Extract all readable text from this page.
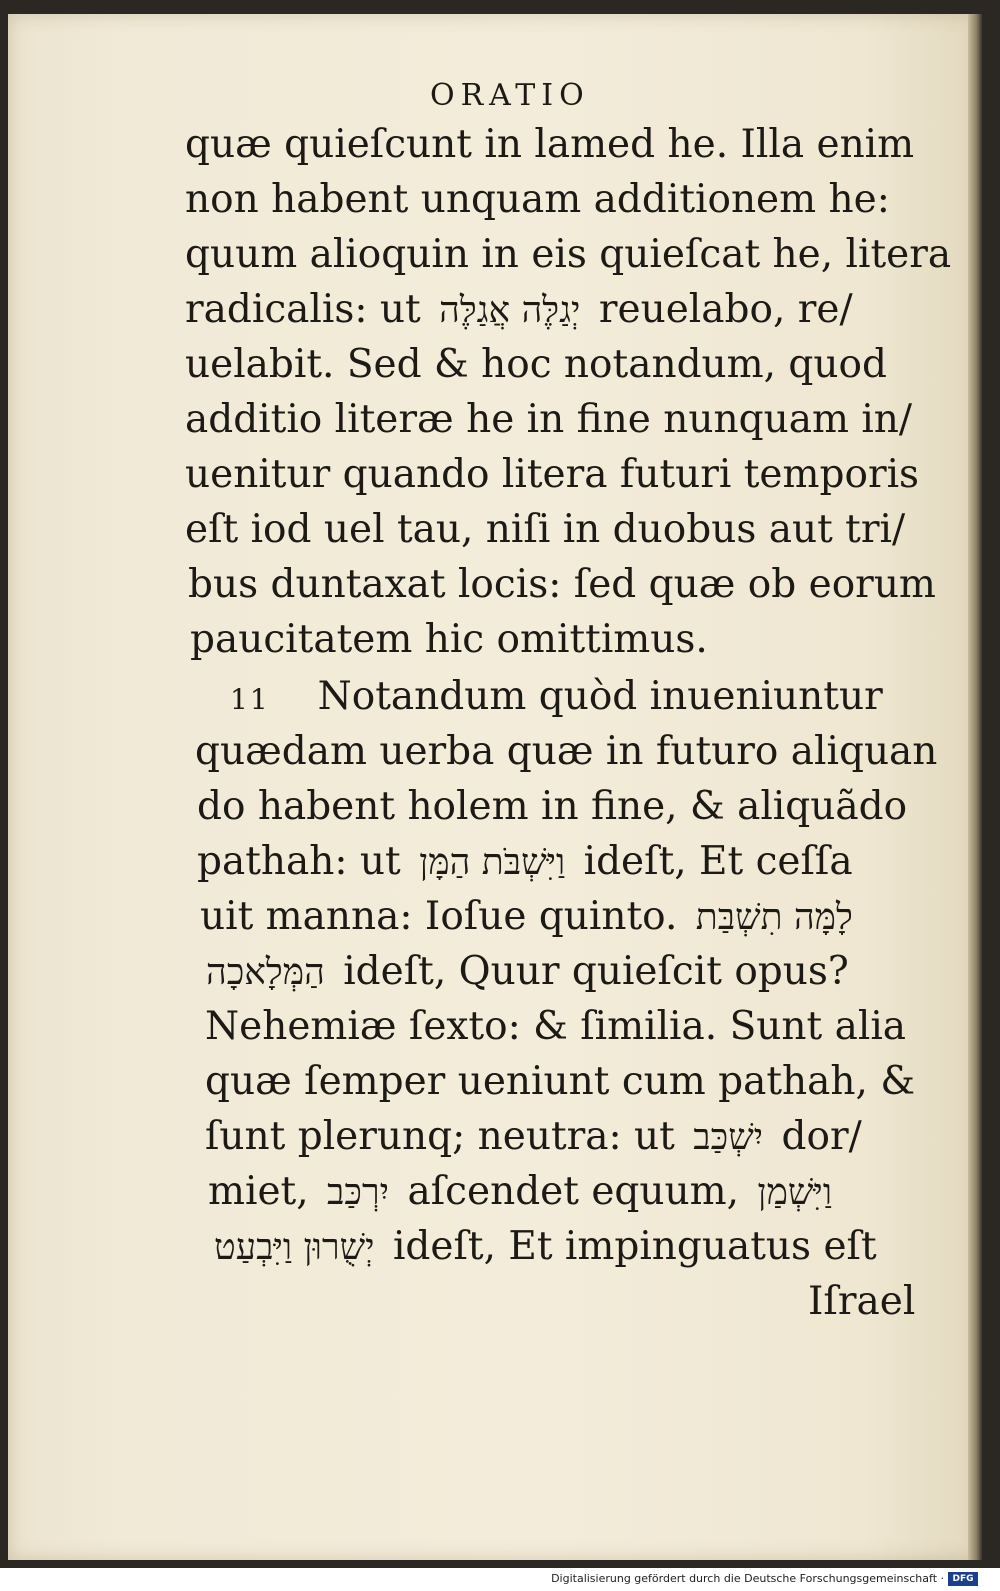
ORATIO

quæ quieſcunt in lamed he. Illa enim

non habent unquam additionem he:

quum alioquin in eis quieſcat he, litera

radicalis: ut יְגַלֶּה אֲגַלֶּה reuelabo, re/

uelabit. Sed & hoc notandum, quod

additio literæ he in fine nunquam in/

uenitur quando litera futuri temporis

eſt iod uel tau, niſi in duobus aut tri/

bus duntaxat locis: ſed quæ ob eorum

paucitatem hic omittimus.

11 Notandum quòd inueniuntur

quædam uerba quæ in futuro aliquan

do habent holem in fine, & aliquãdo

pathah: ut וַיִּשְׁבֹּת הַמָּן ideſt, Et ceſſa

uit manna: Ioſue quinto. לָמָּה תִשְׁבַּת

הַמְּלָאכָה ideſt, Quur quieſcit opus?

Nehemiæ ſexto: & ſimilia. Sunt alia

quæ ſemper ueniunt cum pathah, &

ſunt plerunq; neutra: ut יִשְׁכַּב dor/

miet, יִרְכַּב aſcendet equum, וַיִּשְׁמַן

יְשֻׁרוּן וַיִּבְעַט ideſt, Et impinguatus eſt

Iſrael

Digitalisierung gefördert durch die Deutsche Forschungsgemeinschaft · DFG
